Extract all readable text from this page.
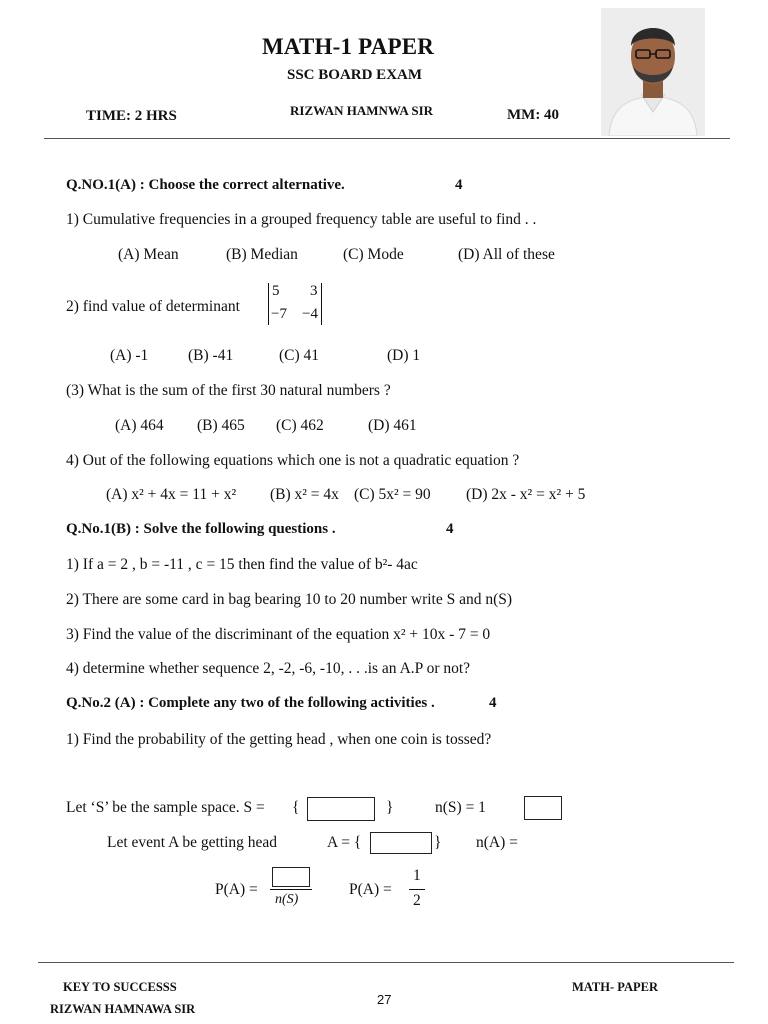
MATH-1 PAPER
SSC BOARD EXAM
TIME: 2 HRS	RIZWAN HAMNWA SIR	MM: 40
Q.NO.1(A) : Choose the correct alternative.	4
1) Cumulative frequencies in a grouped frequency table are useful to find . .
(A) Mean	(B) Median	(C) Mode	(D) All of these
2) find value of determinant
5 3
−7 −4
(A) -1	(B) -41	(C) 41	(D) 1
(3) What is the sum of the first 30 natural numbers ?
(A) 464 (B) 465 (C) 462	(D) 461
4) Out of the following equations which one is not a quadratic equation ?
(A) x² + 4x = 11 + x² (B) x² = 4x (C) 5x² = 90 (D) 2x - x² = x² + 5
Q.No.1(B) : Solve the following questions .	4
1) If a = 2 , b = -11 , c = 15 then find the value of b²- 4ac
2) There are some card in bag bearing 10 to 20 number write S and n(S)
3) Find the value of the discriminant of the equation x² + 10x - 7 = 0
4) determine whether sequence 2, -2, -6, -10, . . .is an A.P or not?
Q.No.2 (A) : Complete any two of the following activities .	4
1) Find the probability of the getting head , when one coin is tossed?
Let ‘S’ be the sample space. S = {	}	n(S) = 1
Let event A be getting head	A = {	} n(A) =
P(A) =
n(S)
P(A) =
1
2
KEY TO SUCCESSS
RIZWAN HAMNAWA SIR
27
MATH- PAPER
